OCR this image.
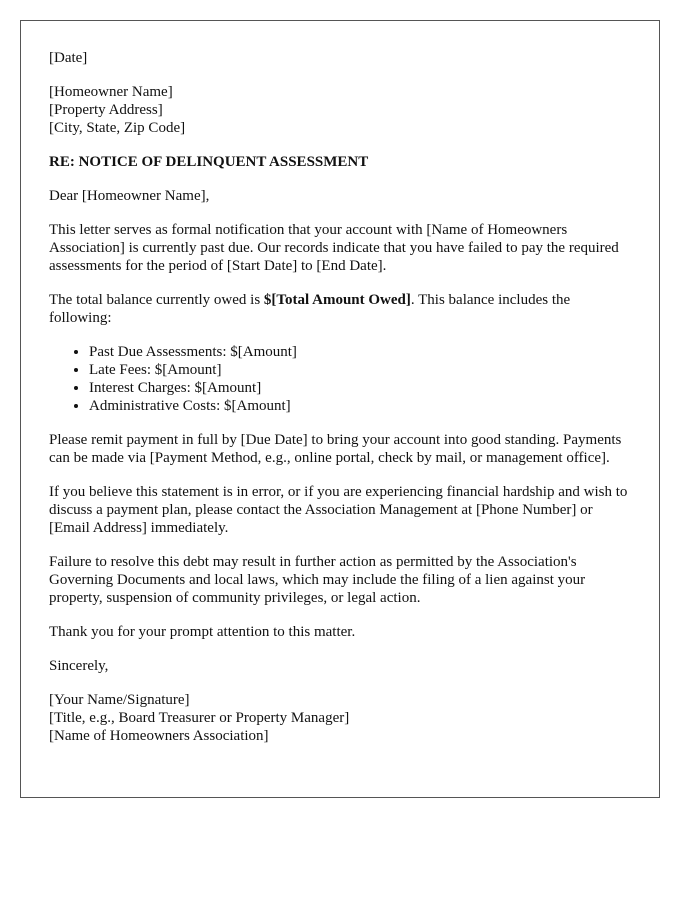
[Date]

[Homeowner Name]
[Property Address]
[City, State, Zip Code]

RE: NOTICE OF DELINQUENT ASSESSMENT

Dear [Homeowner Name],

This letter serves as formal notification that your account with [Name of Homeowners Association] is currently past due. Our records indicate that you have failed to pay the required assessments for the period of [Start Date] to [End Date].

The total balance currently owed is $[Total Amount Owed]. This balance includes the following:

• Past Due Assessments: $[Amount]
• Late Fees: $[Amount]
• Interest Charges: $[Amount]
• Administrative Costs: $[Amount]

Please remit payment in full by [Due Date] to bring your account into good standing. Payments can be made via [Payment Method, e.g., online portal, check by mail, or management office].

If you believe this statement is in error, or if you are experiencing financial hardship and wish to discuss a payment plan, please contact the Association Management at [Phone Number] or [Email Address] immediately.

Failure to resolve this debt may result in further action as permitted by the Association's Governing Documents and local laws, which may include the filing of a lien against your property, suspension of community privileges, or legal action.

Thank you for your prompt attention to this matter.

Sincerely,

[Your Name/Signature]
[Title, e.g., Board Treasurer or Property Manager]
[Name of Homeowners Association]
